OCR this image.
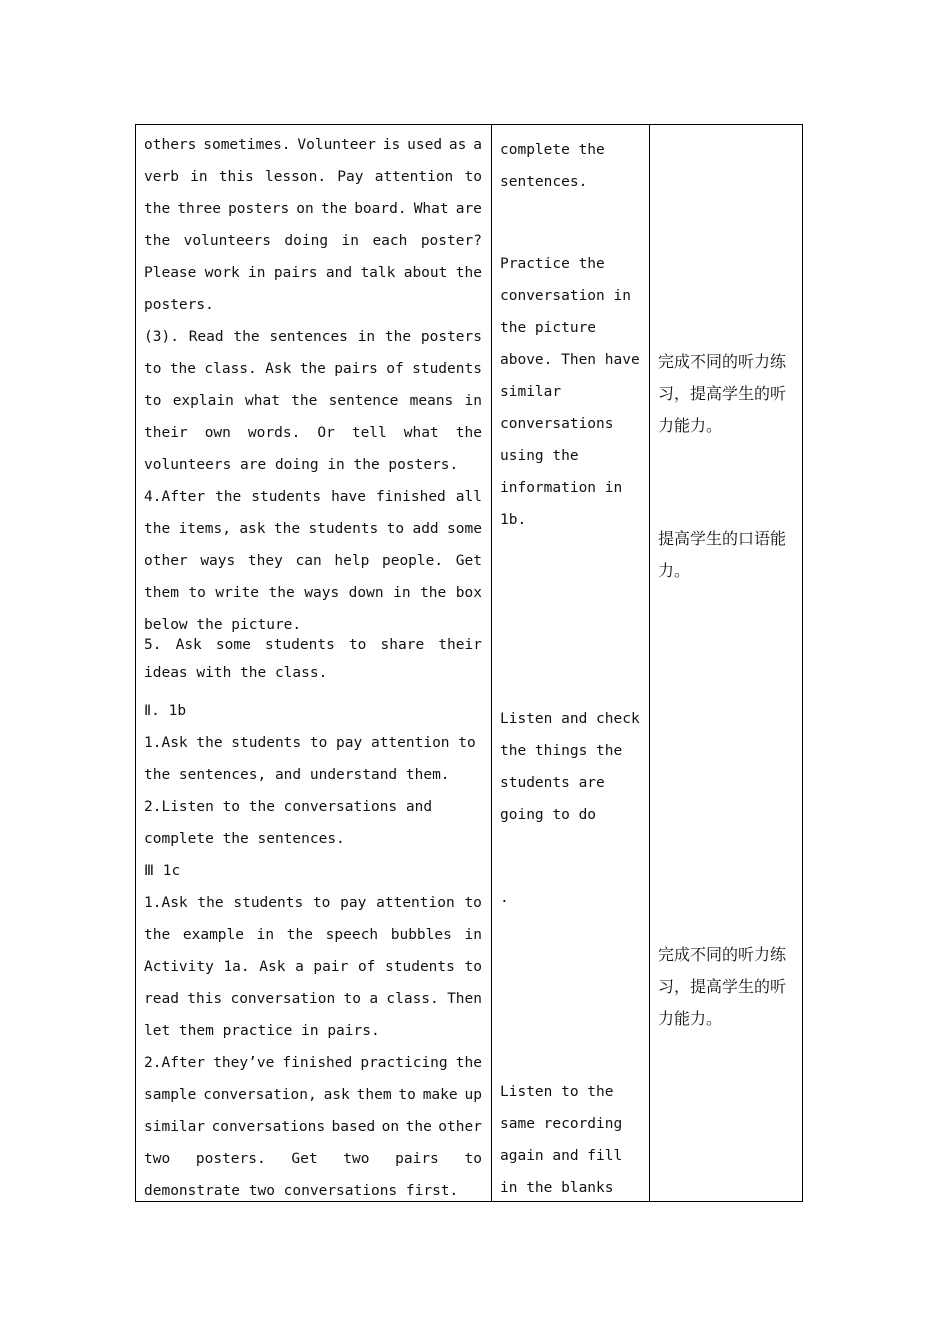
others sometimes. Volunteer is used as a
verb in this lesson. Pay attention to
the three posters on the board. What are
the volunteers doing in each poster?
Please work in pairs and talk about the
posters.
(3). Read the sentences in the posters
to the class. Ask the pairs of students
to explain what the sentence means in
their own words. Or tell what the
volunteers are doing in the posters.
4.After the students have finished all
the items, ask the students to add some
other ways they can help people. Get
them to write the ways down in the box
below the picture.
5. Ask some students to share their
ideas with the class.
Ⅱ. 1b
1.Ask the students to pay attention to
the sentences, and understand them.
2.Listen to the conversations and
complete the sentences.
Ⅲ 1c
1.Ask the students to pay attention to
the example in the speech bubbles in
Activity 1a. Ask a pair of students to
read this conversation to a class. Then
let them practice in pairs.
2.After they’ve finished practicing the
sample conversation, ask them to make up
similar conversations based on the other
two posters. Get two pairs to
demonstrate two conversations first.
complete the
sentences.
Practice the
conversation in
the picture
above. Then have
similar
conversations
using the
information in
1b.
Listen and check
the things the
students are
going to do
.
Listen to the
same recording
again and fill
in the blanks
完成不同的听力练
习，提高学生的听
力能力。
提高学生的口语能
力。
完成不同的听力练
习，提高学生的听
力能力。
